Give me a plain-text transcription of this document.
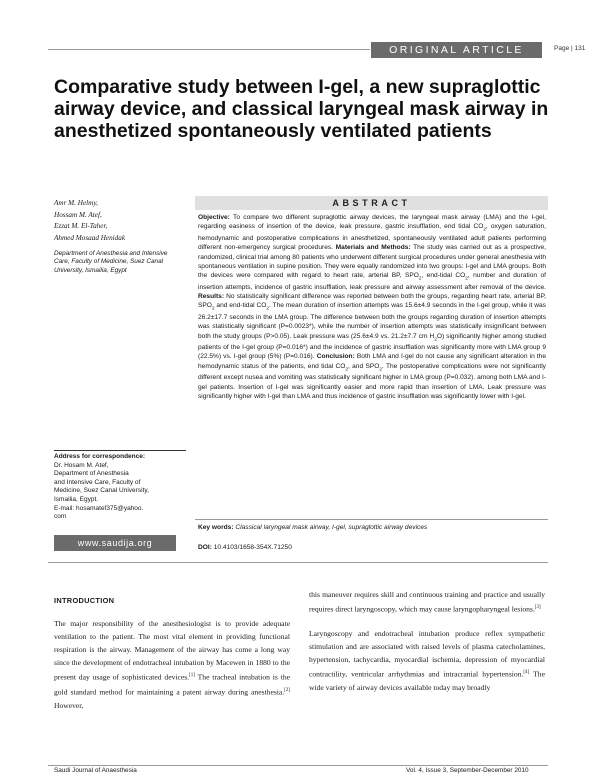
ORIGINAL ARTICLE	Page | 131
Comparative study between I-gel, a new supraglottic airway device, and classical laryngeal mask airway in anesthetized spontaneously ventilated patients
Amr M. Helmy,
Hossam M. Atef,
Ezzat M. El-Taher,
Ahmed Mosaad Henidak
Department of Anesthesia and Intensive Care, Faculty of Medicine, Suez Canal University, Ismailia, Egypt
Address for correspondence:
Dr. Hosam M. Atef,
Department of Anesthesia
and Intensive Care, Faculty of
Medicine, Suez Canal University,
Ismailia, Egypt.
E-mail: hosamatef375@yahoo.
com
www.saudija.org
ABSTRACT
Objective: To compare two different supraglottic airway devices, the laryngeal mask airway (LMA) and the I-gel, regarding easiness of insertion of the device, leak pressure, gastric insufflation, end tidal $CO_2$, oxygen saturation, hemodynamic and postoperative complications in anesthetized, spontaneously ventilated adult patients performing different non-emergency surgical procedures. Materials and Methods: The study was carried out as a prospective, randomized, clinical trial among 80 patients who underwent different surgical procedures under general anesthesia with spontaneous ventilation in supine position. They were equally randomized into two groups: I-gel and LMA groups. Both the devices were compared with regard to heart rate, arterial BP, $SPO_2$, end-tidal $CO_2$, number and duration of insertion attempts, incidence of gastric insufflation, leak pressure and airway assessment after removal of the device. Results: No statistically significant difference was reported between both the groups, regarding heart rate, arterial BP, $SPO_2$ and end-tidal $CO_2$. The mean duration of insertion attempts was 15.6±4.9 seconds in the I-gel group, while it was 26.2±17.7 seconds in the LMA group. The difference between both the groups regarding duration of insertion attempts was statistically significant (P=0.0023*), while the number of insertion attempts was statistically insignificant between both the study groups (P>0.05). Leak pressure was (25.6±4.9 vs. 21.2±7.7 cm $H_2O$) significantly higher among studied patients of the I-gel group (P=0.016*) and the incidence of gastric insufflation was significantly more with LMA group 9 (22.5%) vs. I-gel group (5%) (P=0.016). Conclusion: Both LMA and I-gel do not cause any significant alteration in the hemodynamic status of the patients, end tidal $CO_2$, and $SPO_2$. The postoperative complications were not significantly different except nusea and vomiting was statistically significant higher in LMA group (P=0.032). among both LMA and I-gel patients. Insertion of I-gel was significantly easier and more rapid than insertion of LMA. Leak pressure was significantly higher with I-gel than LMA and thus incidence of gastric insufflation was significantly lower with I-gel.
Key words: Classical laryngeal mask airway, I-gel, supraglottic airway devices
DOI: 10.4103/1658-354X.71250
INTRODUCTION

The major responsibility of the anesthesiologist is to provide adequate ventilation to the patient. The most vital element in providing functional respiration is the airway. Management of the airway has come a long way since the development of endotracheal intubation by Macewen in 1880 to the present day usage of sophisticated devices.[1] The tracheal intubation is the gold standard method for maintaining a patent airway during anesthesia.[2] However,

this maneuver requires skill and continuous training and practice and usually requires direct laryngoscopy, which may cause laryngopharyngeal lesions.[3]

Laryngoscopy and endotracheal intubation produce reflex sympathetic stimulation and are associated with raised levels of plasma catecholamines, hypertension, tachycardia, myocardial ischemia, depression of myocardial contractility, ventricular arrhythmias and intracranial hypertension.[4] The wide variety of airway devices available today may broadly

Saudi Journal of Anaesthesia	Vol. 4, Issue 3, September-December 2010
